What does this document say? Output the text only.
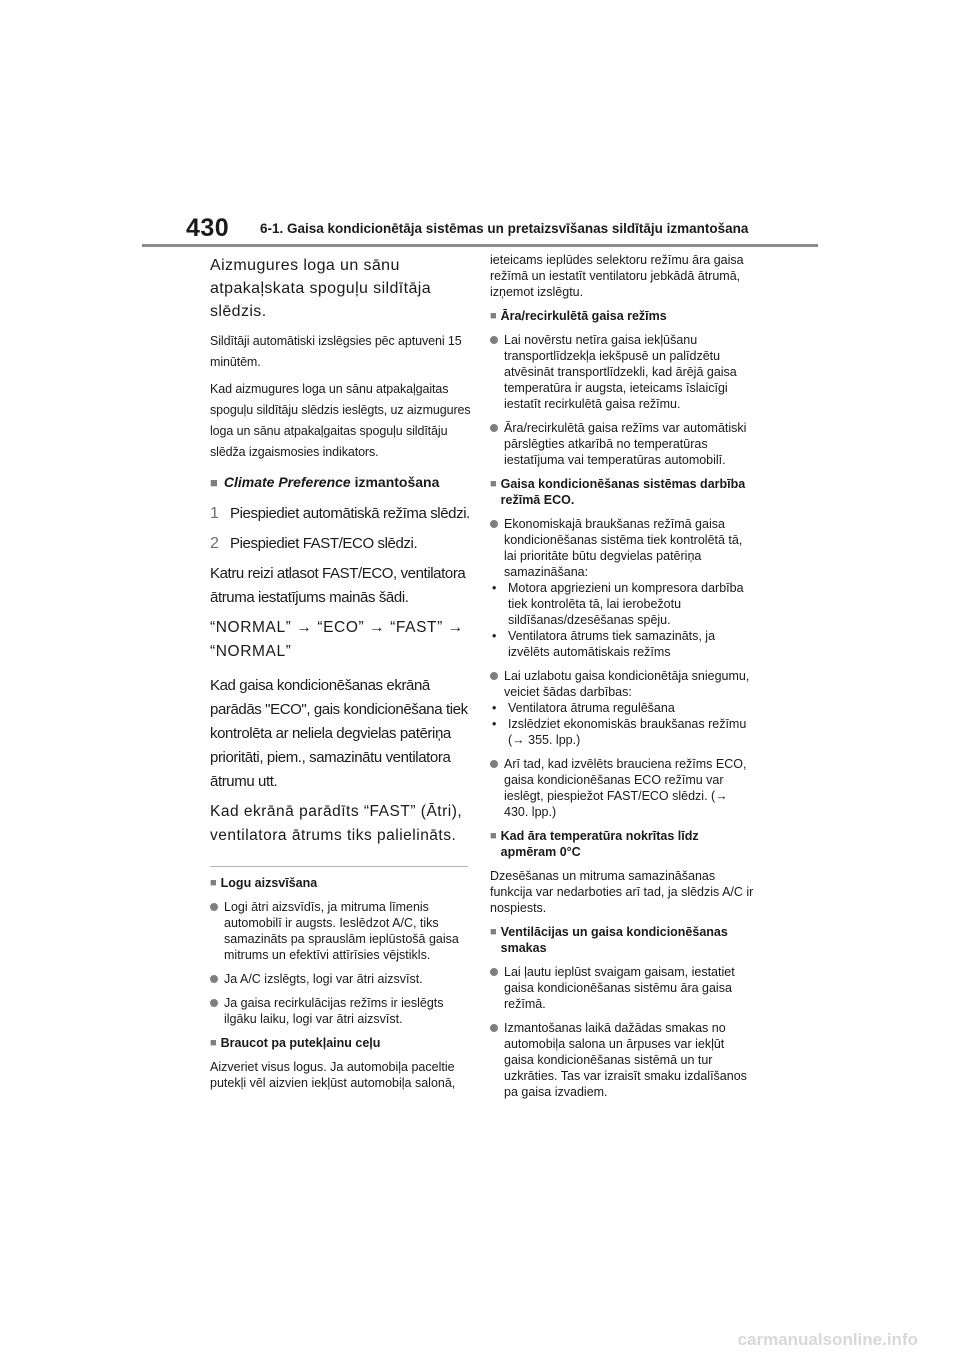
430 6-1. Gaisa kondicionētāja sistēmas un pretaizsvīšanas sildītāju izmantošana

Aizmugures loga un sānu atpakaļskata spoguļu sildītāja slēdzis.

Sildītāji automātiski izslēgsies pēc aptuveni 15 minūtēm.

Kad aizmugures loga un sānu atpakaļgaitas spoguļu sildītāju slēdzis ieslēgts, uz aizmugures loga un sānu atpakaļgaitas spoguļu sildītāju slēdža izgaismosies indikators.

■ Climate Preference izmantošana
1 Piespiediet automātiskā režīma slēdzi.
2 Piespiediet FAST/ECO slēdzi.

Katru reizi atlasot FAST/ECO, ventilatora ātruma iestatījums mainās šādi.

“NORMAL” → “ECO” → “FAST” → “NORMAL”

Kad gaisa kondicionēšanas ekrānā parādās "ECO", gais kondicionēšana tiek kontrolēta ar neliela degvielas patēriņa prioritāti, piem., samazinātu ventilatora ātrumu utt.

Kad ekrānā parādīts “FAST” (Ātri), ventilatora ātrums tiks palielināts.

■ Logu aizsvīšana
Logi ātri aizsvīdīs, ja mitruma līmenis automobilī ir augsts. Ieslēdzot A/C, tiks samazināts pa sprauslām ieplūstošā gaisa mitrums un efektīvi attīrīsies vējstikls.
Ja A/C izslēgts, logi var ātri aizsvīst.
Ja gaisa recirkulācijas režīms ir ieslēgts ilgāku laiku, logi var ātri aizsvīst.
■ Braucot pa putekļainu ceļu

Aizveriet visus logus. Ja automobiļa paceltie putekļi vēl aizvien iekļūst automobiļa salonā,

ieteicams ieplūdes selektoru režīmu āra gaisa režīmā un iestatīt ventilatoru jebkādā ātrumā, izņemot izslēgtu.

■ Āra/recirkulētā gaisa režīms
Lai novērstu netīra gaisa iekļūšanu transportlīdzekļa iekšpusē un palīdzētu atvēsināt transportlīdzekli, kad ārējā gaisa temperatūra ir augsta, ieteicams īslaicīgi iestatīt recirkulētā gaisa režīmu.
Āra/recirkulētā gaisa režīms var automātiski pārslēgties atkarībā no temperatūras iestatījuma vai temperatūras automobilī.
■ Gaisa kondicionēšanas sistēmas darbība režīmā ECO.
Ekonomiskajā braukšanas režīmā gaisa kondicionēšanas sistēma tiek kontrolētā tā, lai prioritāte būtu degvielas patēriņa samazināšana:
• Motora apgriezieni un kompresora darbība tiek kontrolēta tā, lai ierobežotu sildīšanas/dzesēšanas spēju.
• Ventilatora ātrums tiek samazināts, ja izvēlēts automātiskais režīms
Lai uzlabotu gaisa kondicionētāja sniegumu, veiciet šādas darbības:
• Ventilatora ātruma regulēšana
• Izslēdziet ekonomiskās braukšanas režīmu (→ 355. lpp.)
Arī tad, kad izvēlēts brauciena režīms ECO, gaisa kondicionēšanas ECO režīmu var ieslēgt, piespiežot FAST/ECO slēdzi. (→ 430. lpp.)
■ Kad āra temperatūra nokrītas līdz apmēram 0°C

Dzesēšanas un mitruma samazināšanas funkcija var nedarboties arī tad, ja slēdzis A/C ir nospiests.

■ Ventilācijas un gaisa kondicionēšanas smakas
Lai ļautu ieplūst svaigam gaisam, iestatiet gaisa kondicionēšanas sistēmu āra gaisa režīmā.
Izmantošanas laikā dažādas smakas no automobiļa salona un ārpuses var iekļūt gaisa kondicionēšanas sistēmā un tur uzkrāties. Tas var izraisīt smaku izdalīšanos pa gaisa izvadiem.
carmanualsonline.info
